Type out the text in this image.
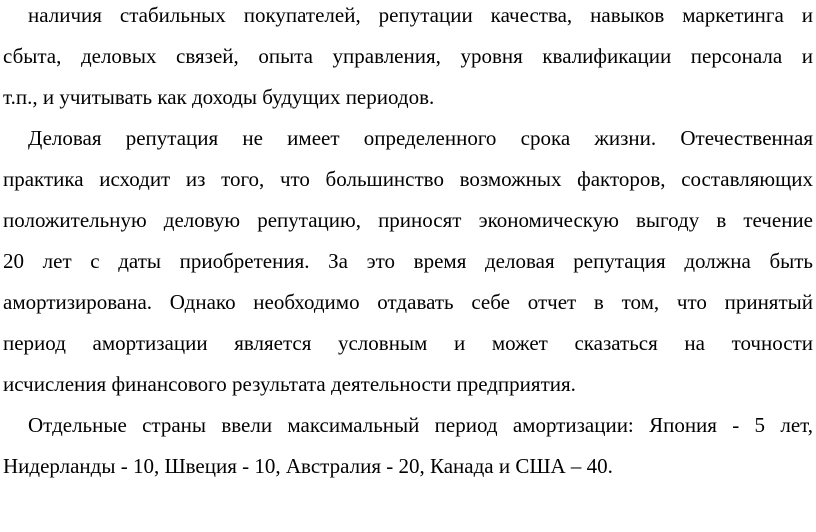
наличия стабильных покупателей, репутации качества, навыков маркетинга и
сбыта, деловых связей, опыта управления, уровня квалификации персонала и
т.п., и учитывать как доходы будущих периодов.
Деловая репутация не имеет определенного срока жизни. Отечественная
практика исходит из того, что большинство возможных факторов, составляющих
положительную деловую репутацию, приносят экономическую выгоду в течение
20 лет с даты приобретения. За это время деловая репутация должна быть
амортизирована. Однако необходимо отдавать себе отчет в том, что принятый
период амортизации является условным и может сказаться на точности
исчисления финансового результата деятельности предприятия.
Отдельные страны ввели максимальный период амортизации: Япония - 5 лет,
Нидерланды - 10, Швеция - 10, Австралия - 20, Канада и США – 40.
